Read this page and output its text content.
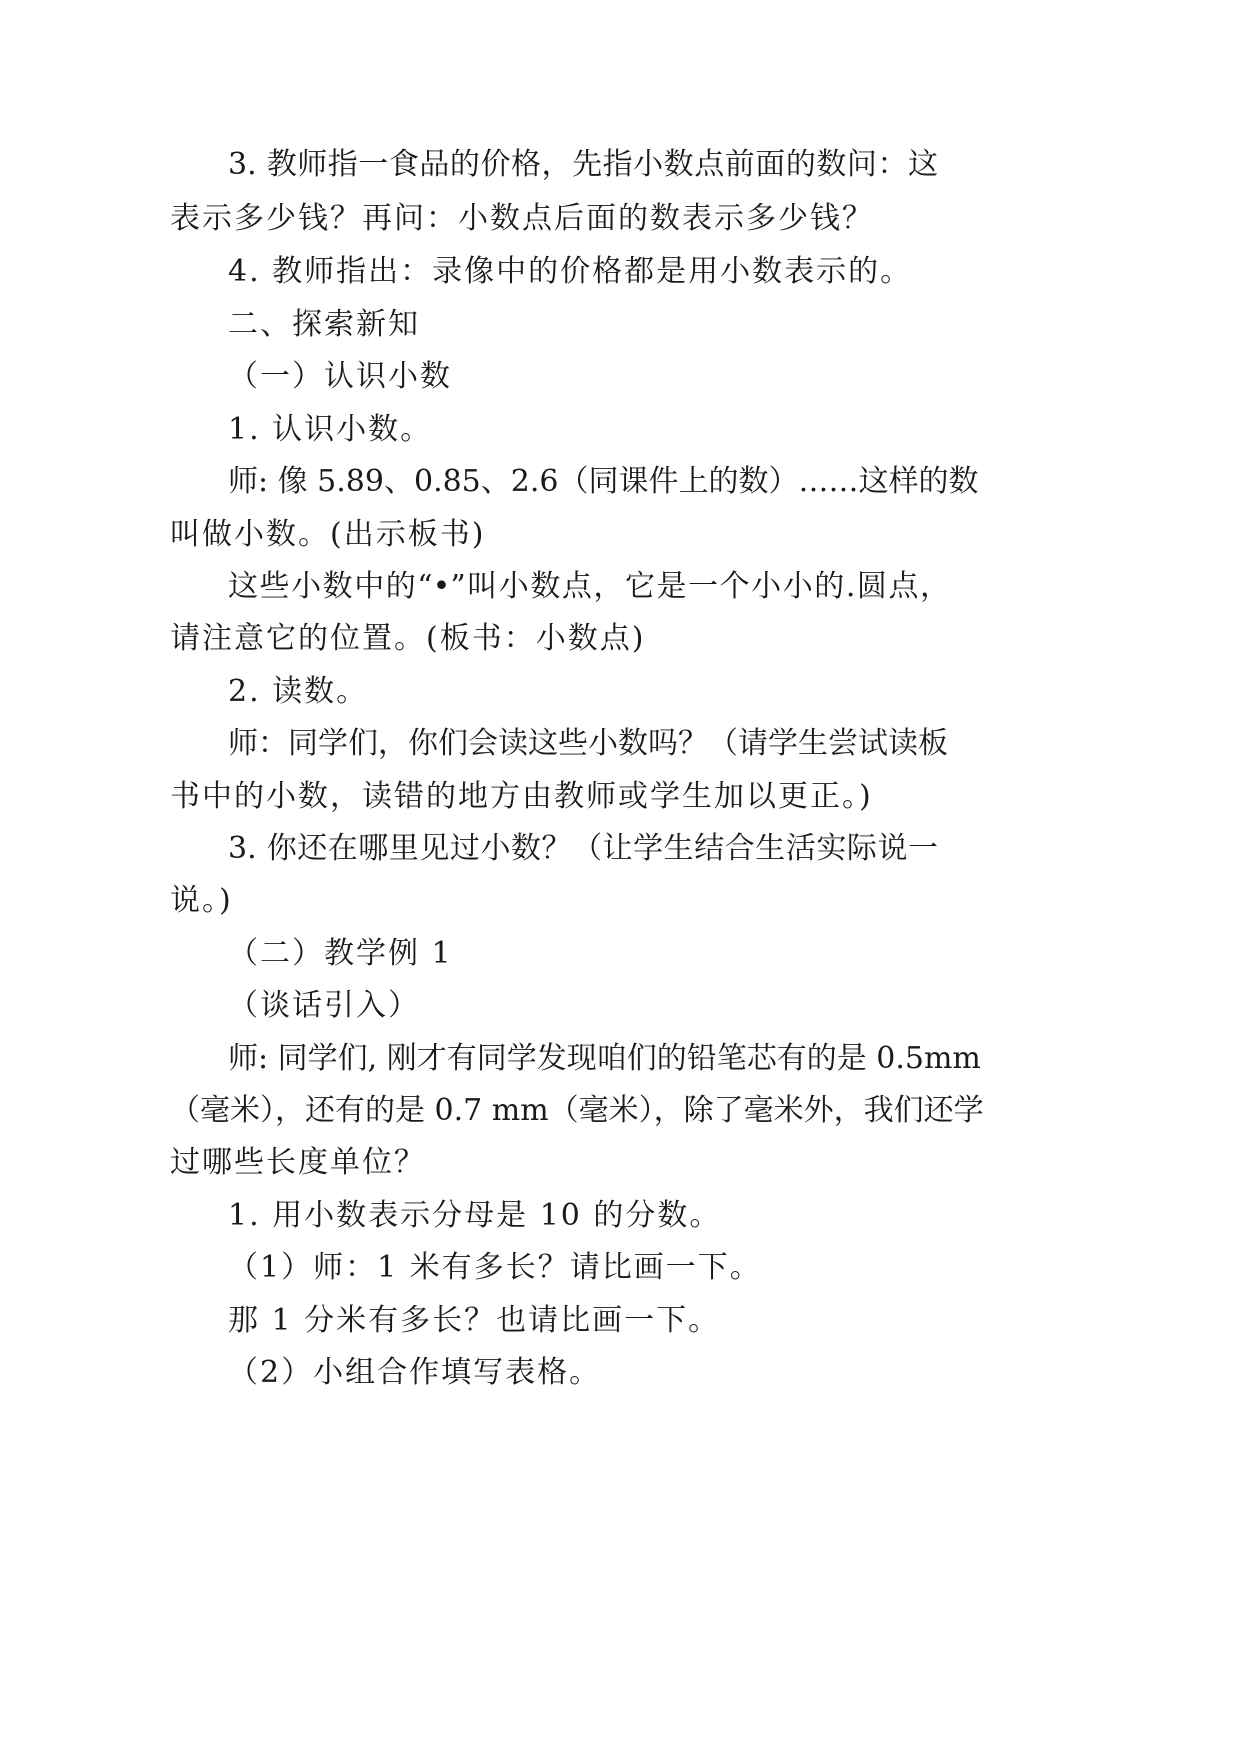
3. 教师指一食品的价格，先指小数点前面的数问：这
表示多少钱？再问：小数点后面的数表示多少钱？
4. 教师指出：录像中的价格都是用小数表示的。
二、探索新知
（一）认识小数
1. 认识小数。
师: 像 5.89、0.85、2.6（同课件上的数）……这样的数
叫做小数。(出示板书)
这些小数中的“•”叫小数点，它是一个小小的.圆点，
请注意它的位置。(板书：小数点)
2. 读数。
师：同学们，你们会读这些小数吗？（请学生尝试读板
书中的小数，读错的地方由教师或学生加以更正。)
3. 你还在哪里见过小数？（让学生结合生活实际说一
说。)
（二）教学例 1
（谈话引入）
师: 同学们, 刚才有同学发现咱们的铅笔芯有的是 0.5mm
（毫米），还有的是 0.7 mm（毫米），除了毫米外，我们还学
过哪些长度单位？
1. 用小数表示分母是 10 的分数。
（1）师：1 米有多长？请比画一下。
那 1 分米有多长？也请比画一下。
（2）小组合作填写表格。
